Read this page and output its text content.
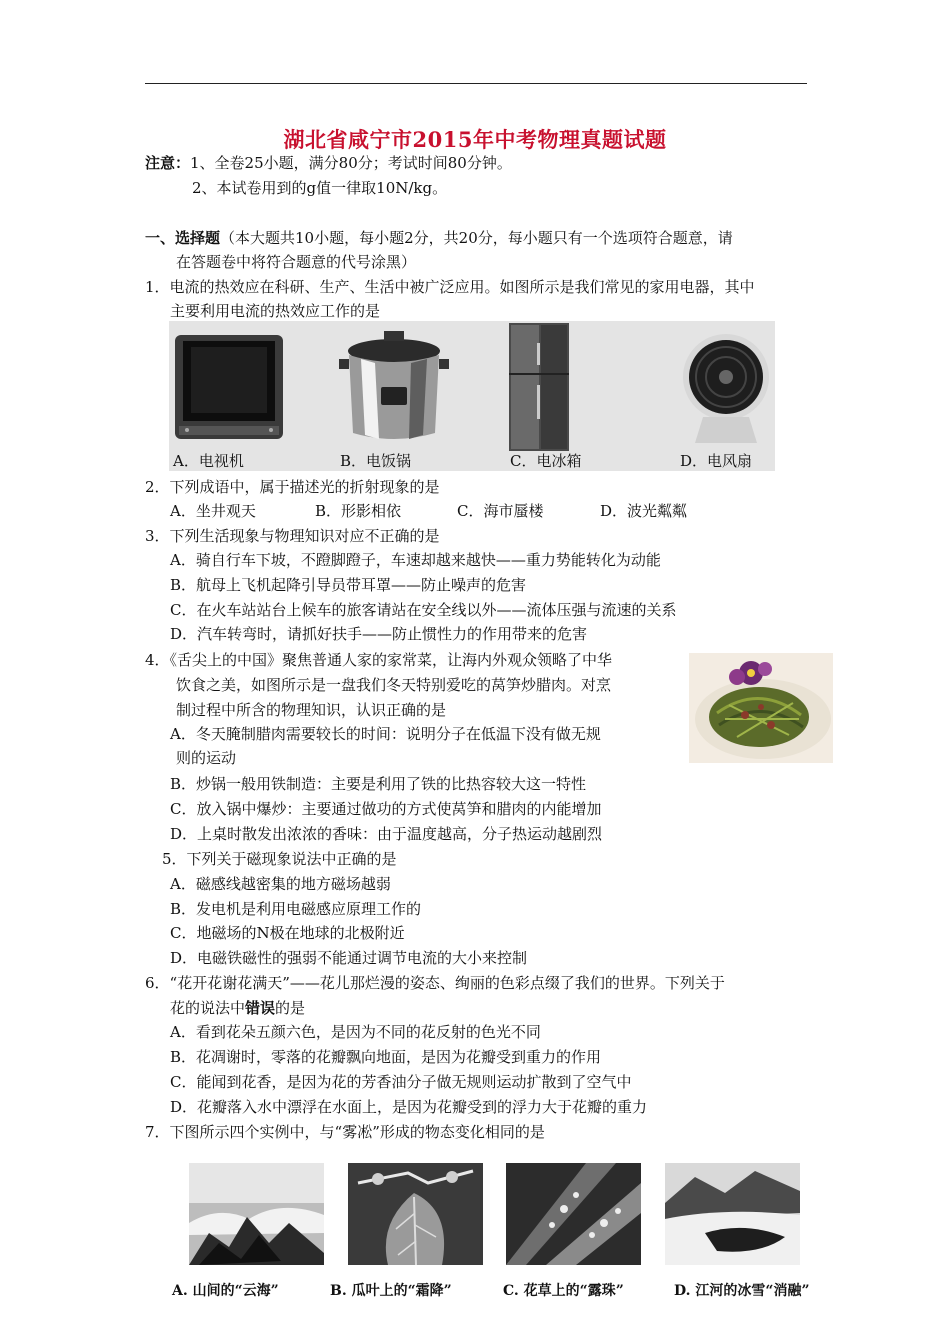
湖北省咸宁市2015年中考物理真题试题
注意：1、全卷25小题，满分80分；考试时间80分钟。
2、本试卷用到的g值一律取10N/kg。
一、选择题（本大题共10小题，每小题2分，共20分，每小题只有一个选项符合题意，请
在答题卷中将符合题意的代号涂黑）
1．电流的热效应在科研、生产、生活中被广泛应用。如图所示是我们常见的家用电器，其中
主要利用电流的热效应工作的是
A．电视机	B．电饭锅	C．电冰箱	D．电风扇
2．下列成语中，属于描述光的折射现象的是
A．坐井观天	B．形影相依	C．海市蜃楼	D．波光粼粼
3．下列生活现象与物理知识对应不正确的是
A．骑自行车下坡，不蹬脚蹬子，车速却越来越快——重力势能转化为动能
B．航母上飞机起降引导员带耳罩——防止噪声的危害
C．在火车站站台上候车的旅客请站在安全线以外——流体压强与流速的关系
D．汽车转弯时，请抓好扶手——防止惯性力的作用带来的危害
4．《舌尖上的中国》聚焦普通人家的家常菜，让海内外观众领略了中华
饮食之美，如图所示是一盘我们冬天特别爱吃的莴笋炒腊肉。对烹
制过程中所含的物理知识，认识正确的是
A．冬天腌制腊肉需要较长的时间：说明分子在低温下没有做无规
则的运动
B．炒锅一般用铁制造：主要是利用了铁的比热容较大这一特性
C．放入锅中爆炒：主要通过做功的方式使莴笋和腊肉的内能增加
D．上桌时散发出浓浓的香味：由于温度越高，分子热运动越剧烈
5．下列关于磁现象说法中正确的是
A．磁感线越密集的地方磁场越弱
B．发电机是利用电磁感应原理工作的
C．地磁场的N极在地球的北极附近
D．电磁铁磁性的强弱不能通过调节电流的大小来控制
6．“花开花谢花满天”——花儿那烂漫的姿态、绚丽的色彩点缀了我们的世界。下列关于
花的说法中错误的是
A．看到花朵五颜六色，是因为不同的花反射的色光不同
B．花凋谢时，零落的花瓣飘向地面，是因为花瓣受到重力的作用
C．能闻到花香，是因为花的芳香油分子做无规则运动扩散到了空气中
D．花瓣落入水中漂浮在水面上，是因为花瓣受到的浮力大于花瓣的重力
7．下图所示四个实例中，与“雾凇”形成的物态变化相同的是
A. 山间的“云海”	B. 瓜叶上的“霜降”	C. 花草上的“露珠”	D. 江河的冰雪“消融”
